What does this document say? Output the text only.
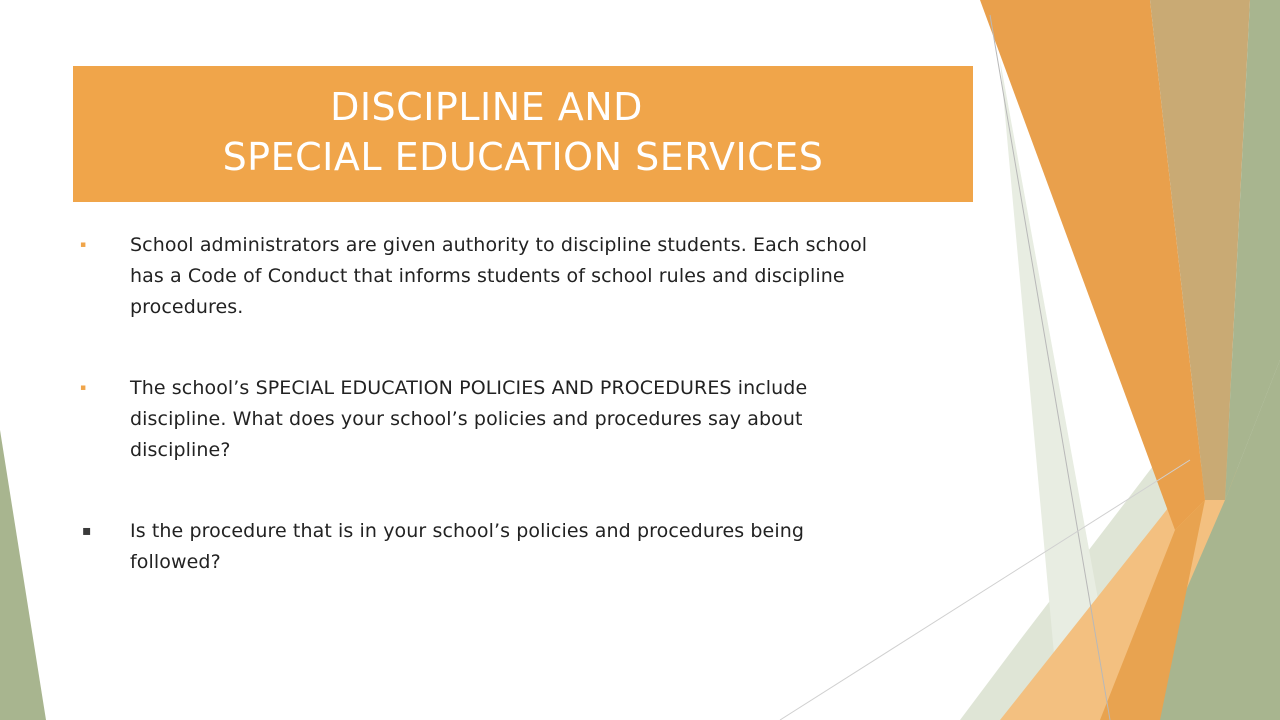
DISCIPLINE AND
SPECIAL EDUCATION SERVICES
▪ School administrators are given authority to discipline students. Each school has a Code of Conduct that informs students of school rules and discipline procedures.
▪ The school’s SPECIAL EDUCATION POLICIES AND PROCEDURES include discipline. What does your school’s policies and procedures say about discipline?
▪ Is the procedure that is in your school’s policies and procedures being followed?
